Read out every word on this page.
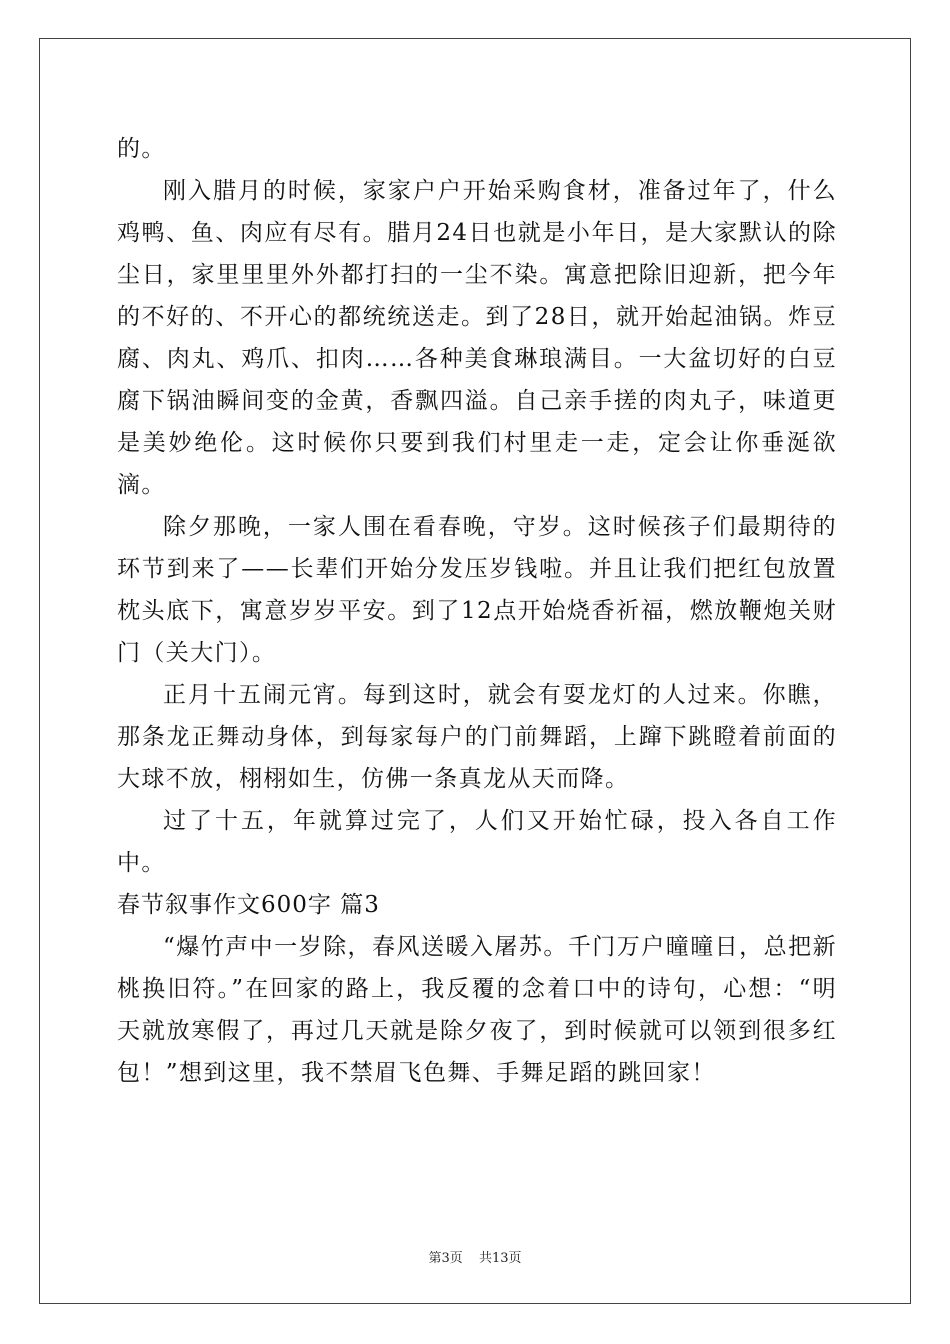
的。

刚入腊月的时候，家家户户开始采购食材，准备过年了，什么鸡鸭、鱼、肉应有尽有。腊月24日也就是小年日，是大家默认的除尘日，家里里里外外都打扫的一尘不染。寓意把除旧迎新，把今年的不好的、不开心的都统统送走。到了28日，就开始起油锅。炸豆腐、肉丸、鸡爪、扣肉……各种美食琳琅满目。一大盆切好的白豆腐下锅油瞬间变的金黄，香飘四溢。自己亲手搓的肉丸子，味道更是美妙绝伦。这时候你只要到我们村里走一走，定会让你垂涎欲滴。

除夕那晚，一家人围在看春晚，守岁。这时候孩子们最期待的环节到来了——长辈们开始分发压岁钱啦。并且让我们把红包放置枕头底下，寓意岁岁平安。到了12点开始烧香祈福，燃放鞭炮关财门（关大门）。

正月十五闹元宵。每到这时，就会有耍龙灯的人过来。你瞧，那条龙正舞动身体，到每家每户的门前舞蹈，上蹿下跳瞪着前面的大球不放，栩栩如生，仿佛一条真龙从天而降。

过了十五，年就算过完了，人们又开始忙碌，投入各自工作中。

春节叙事作文600字 篇3

“爆竹声中一岁除，春风送暖入屠苏。千门万户曈曈日，总把新桃换旧符。”在回家的路上，我反覆的念着口中的诗句，心想：“明天就放寒假了，再过几天就是除夕夜了，到时候就可以领到很多红包！”想到这里，我不禁眉飞色舞、手舞足蹈的跳回家！

第3页 共13页
